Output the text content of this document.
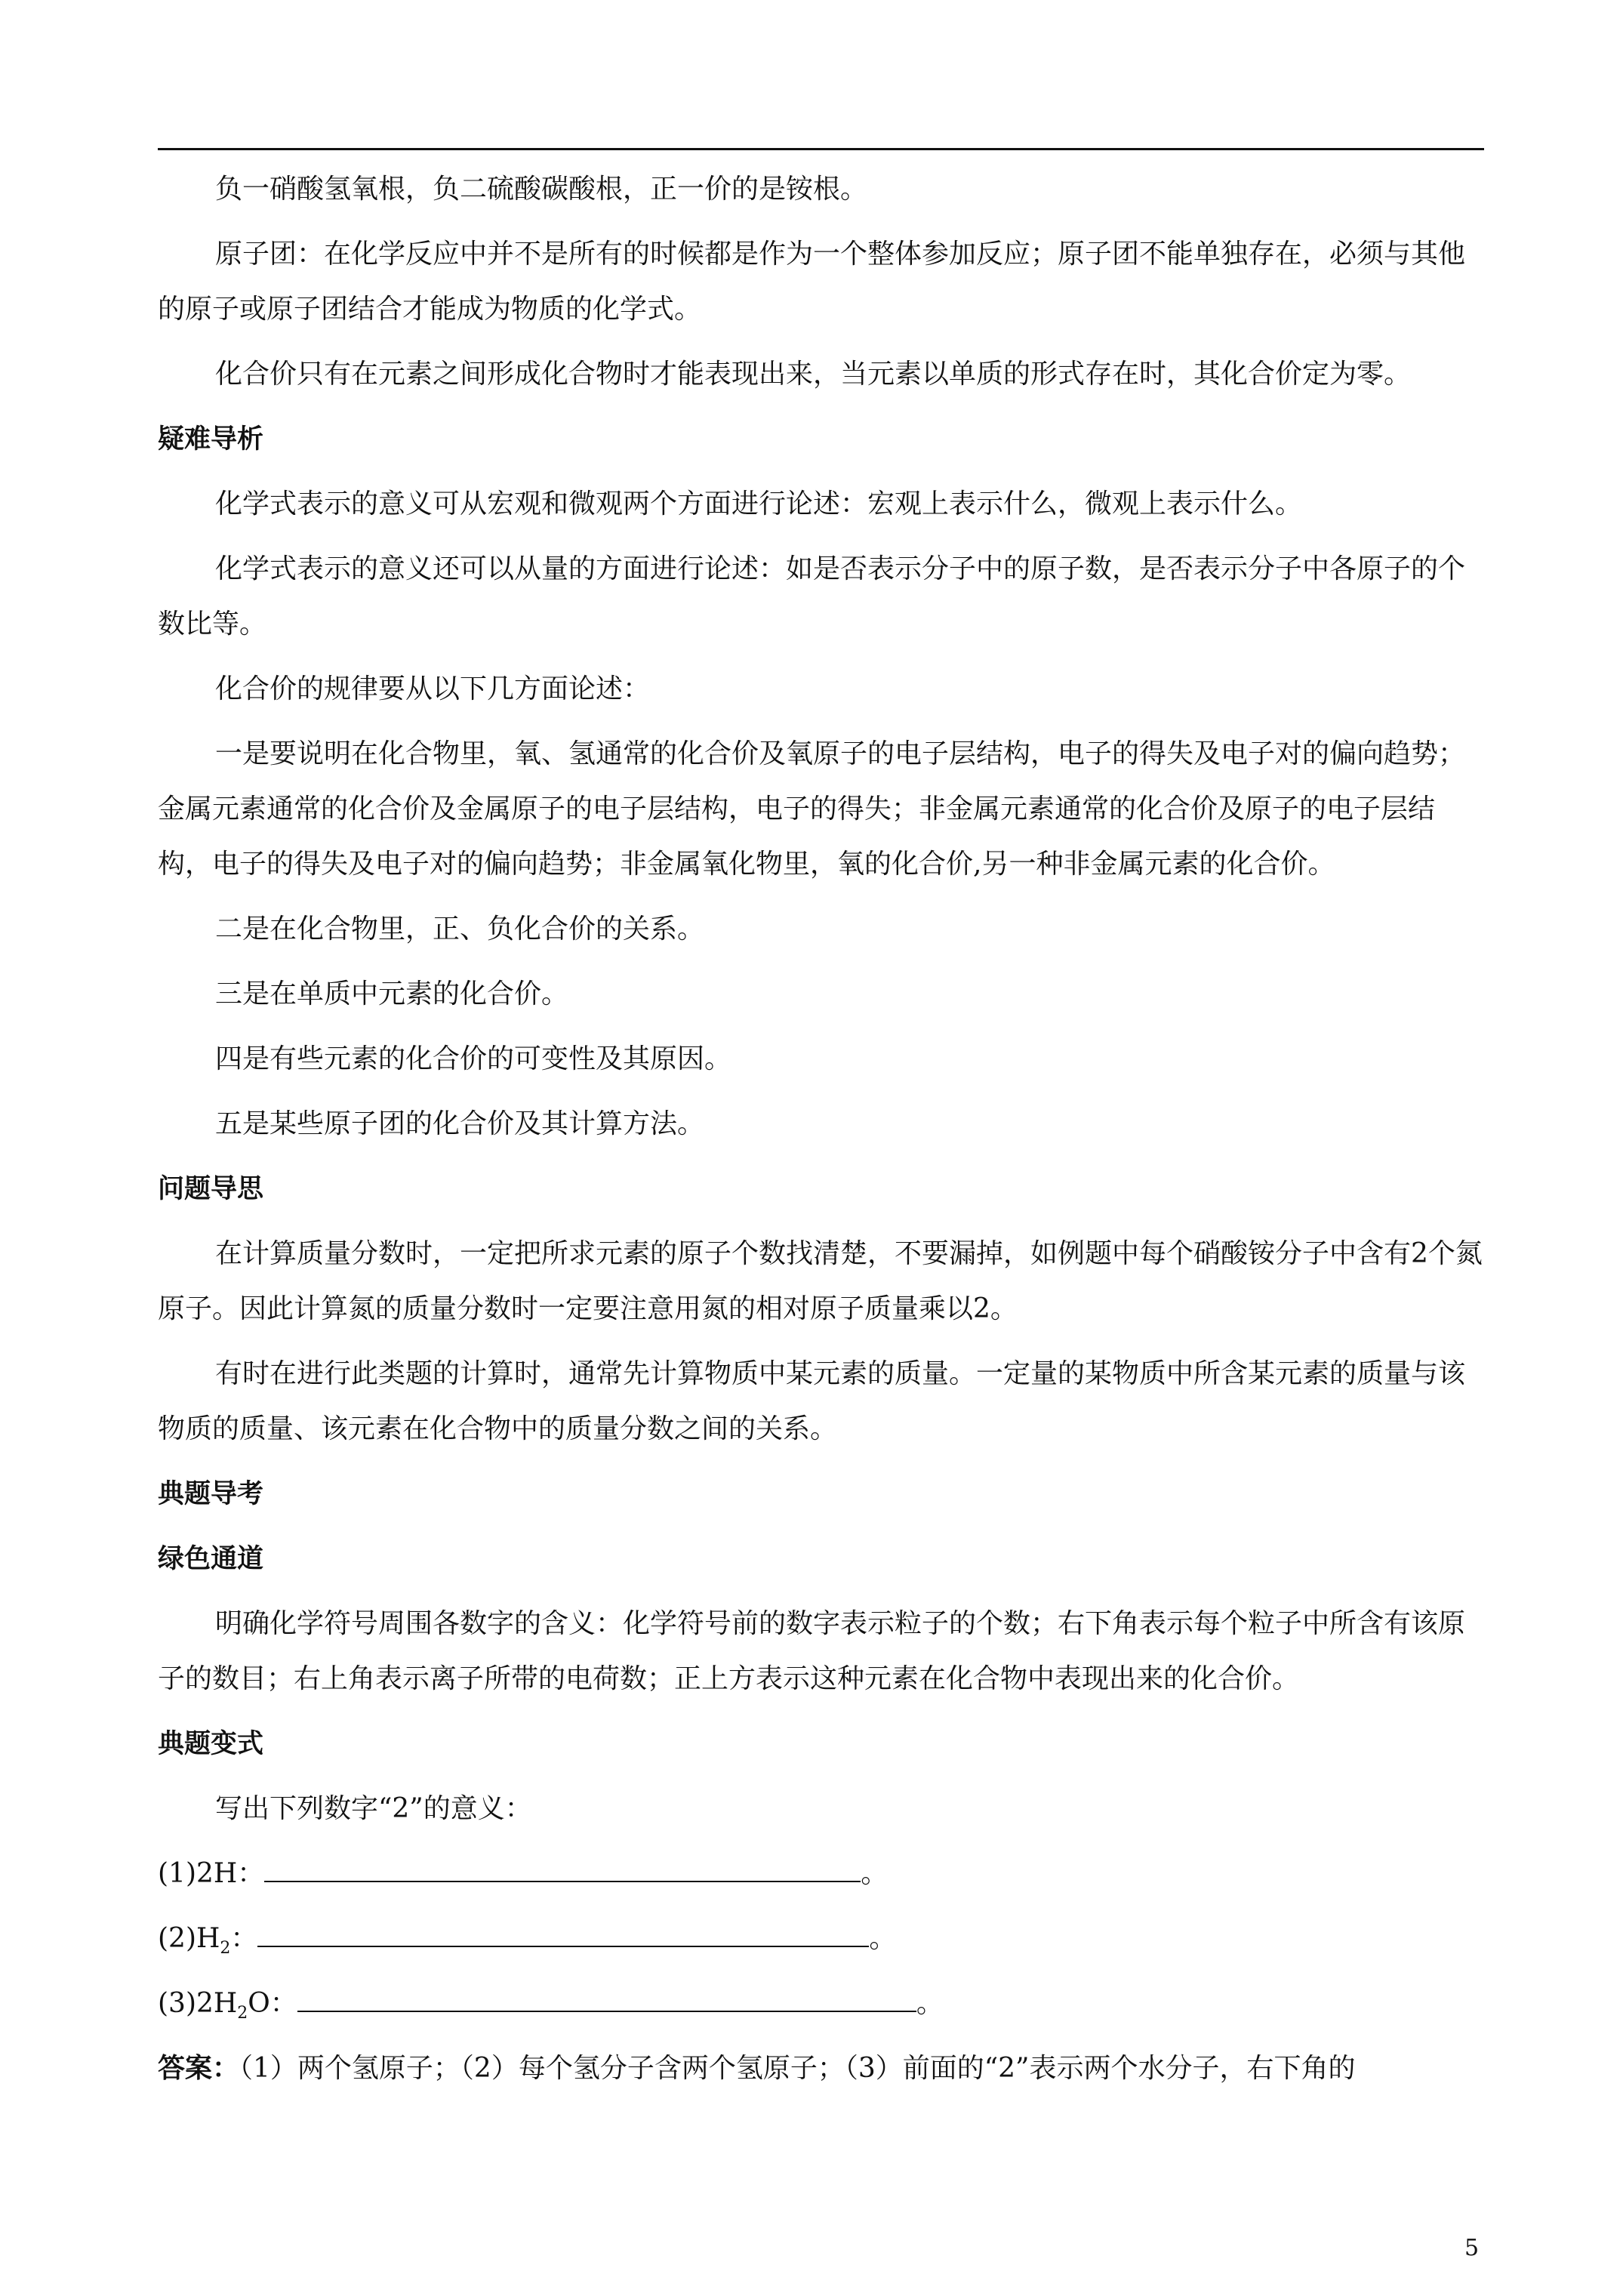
负一硝酸氢氧根，负二硫酸碳酸根，正一价的是铵根。

原子团：在化学反应中并不是所有的时候都是作为一个整体参加反应；原子团不能单独存在，必须与其他的原子或原子团结合才能成为物质的化学式。

化合价只有在元素之间形成化合物时才能表现出来，当元素以单质的形式存在时，其化合价定为零。

疑难导析

化学式表示的意义可从宏观和微观两个方面进行论述：宏观上表示什么，微观上表示什么。

化学式表示的意义还可以从量的方面进行论述：如是否表示分子中的原子数，是否表示分子中各原子的个数比等。

化合价的规律要从以下几方面论述：

一是要说明在化合物里，氧、氢通常的化合价及氧原子的电子层结构，电子的得失及电子对的偏向趋势；金属元素通常的化合价及金属原子的电子层结构，电子的得失；非金属元素通常的化合价及原子的电子层结构，电子的得失及电子对的偏向趋势；非金属氧化物里，氧的化合价,另一种非金属元素的化合价。

二是在化合物里，正、负化合价的关系。

三是在单质中元素的化合价。

四是有些元素的化合价的可变性及其原因。

五是某些原子团的化合价及其计算方法。

问题导思

在计算质量分数时，一定把所求元素的原子个数找清楚，不要漏掉，如例题中每个硝酸铵分子中含有2个氮原子。因此计算氮的质量分数时一定要注意用氮的相对原子质量乘以2。

有时在进行此类题的计算时，通常先计算物质中某元素的质量。一定量的某物质中所含某元素的质量与该物质的质量、该元素在化合物中的质量分数之间的关系。

典题导考

绿色通道

明确化学符号周围各数字的含义：化学符号前的数字表示粒子的个数；右下角表示每个粒子中所含有该原子的数目；右上角表示离子所带的电荷数；正上方表示这种元素在化合物中表现出来的化合价。

典题变式

写出下列数字“2”的意义：

(1)2H：	。

$(2)H_2$：	。

$(3)2H_2O$：	。

答案：（1）两个氢原子；（2）每个氢分子含两个氢原子；（3）前面的“2”表示两个水分子，右下角的

5
